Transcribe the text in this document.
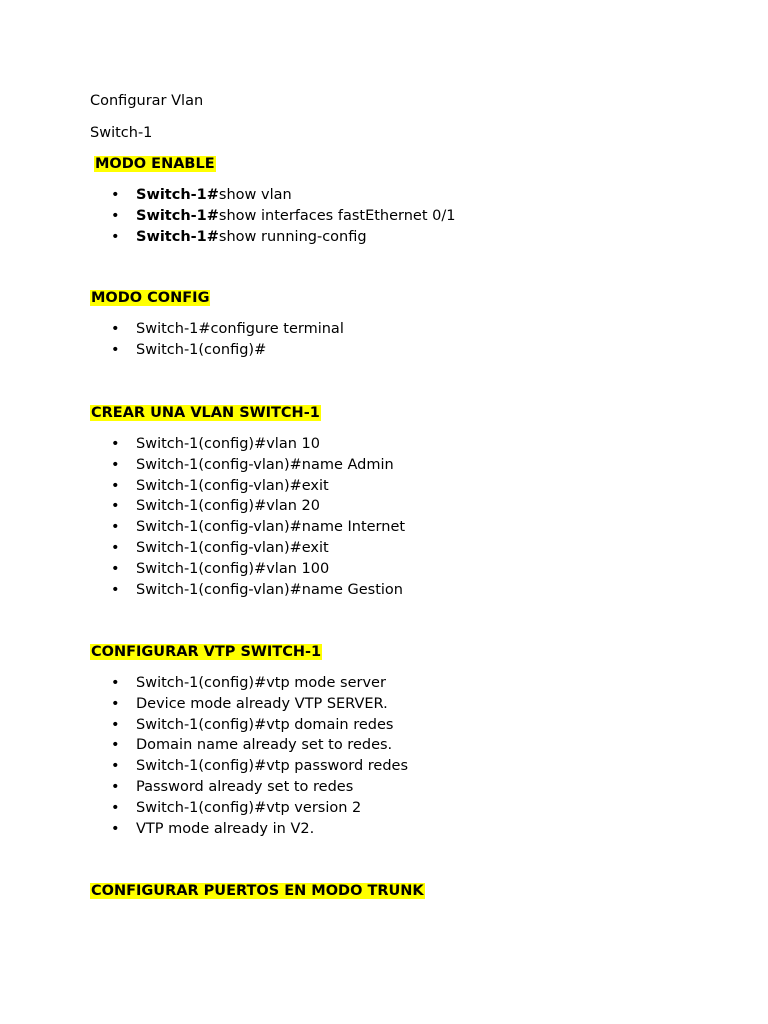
Configurar Vlan
Switch-1
MODO ENABLE
• Switch-1#show vlan
• Switch-1#show interfaces fastEthernet 0/1
• Switch-1#show running-config
MODO CONFIG
• Switch-1#configure terminal
• Switch-1(config)#
CREAR UNA VLAN SWITCH-1
• Switch-1(config)#vlan 10
• Switch-1(config-vlan)#name Admin
• Switch-1(config-vlan)#exit
• Switch-1(config)#vlan 20
• Switch-1(config-vlan)#name Internet
• Switch-1(config-vlan)#exit
• Switch-1(config)#vlan 100
• Switch-1(config-vlan)#name Gestion
CONFIGURAR VTP SWITCH-1
• Switch-1(config)#vtp mode server
• Device mode already VTP SERVER.
• Switch-1(config)#vtp domain redes
• Domain name already set to redes.
• Switch-1(config)#vtp password redes
• Password already set to redes
• Switch-1(config)#vtp version 2
• VTP mode already in V2.
CONFIGURAR PUERTOS EN MODO TRUNK
